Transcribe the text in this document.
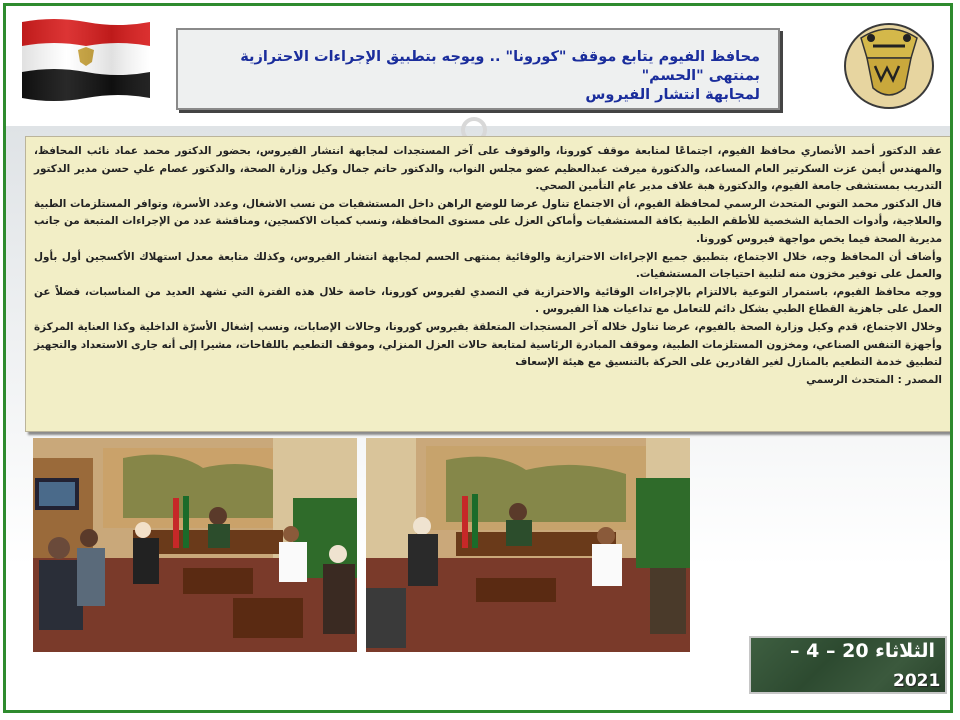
محافظ الفيوم يتابع موقف "كورونا" .. ويوجه بتطبيق الإجراءات الاحترازية بمنتهى "الحسم"

لمجابهة انتشار الفيروس

عقد الدكتور أحمد الأنصاري محافظ الفيوم، اجتماعًا لمتابعة موقف كورونا، والوقوف على آخر المستجدات لمجابهة انتشار الفيروس، بحضور الدكتور محمد عماد نائب المحافظ، والمهندس أيمن عزت السكرتير العام المساعد، والدكتورة ميرفت عبدالعظيم عضو مجلس النواب، والدكتور حاتم جمال وكيل وزارة الصحة، والدكتور عصام علي حسن مدير الدكتور التدريب بمستشفى جامعة الفيوم، والدكتورة هبة علاف مدير عام التأمين الصحي.

قال الدكتور محمد التوني المتحدث الرسمي لمحافظة الفيوم، أن الاجتماع تناول عرضا للوضع الراهن داخل المستشفيات من نسب الاشغال، وعدد الأسرة، وتوافر المستلزمات الطبية والعلاجية، وأدوات الحماية الشخصية للأطقم الطبية بكافة المستشفيات وأماكن العزل على مستوى المحافظة، ونسب كميات الاكسجين، ومناقشة عدد من الإجراءات المتبعة من جانب مديرية الصحة فيما يخص مواجهة فيروس كورونا.

وأضاف أن المحافظ وجه، خلال الاجتماع، بتطبيق جميع الإجراءات الاحترازية والوقائية بمنتهى الحسم لمجابهة انتشار الفيروس، وكذلك متابعة معدل استهلاك الأكسجين أول بأول والعمل على توفير مخزون منه لتلبية احتياجات المستشفيات.

ووجه محافظ الفيوم، باستمرار التوعية بالالتزام بالإجراءات الوقائية والاحترازية في التصدي لفيروس كورونا، خاصة خلال هذه الفترة التي تشهد العديد من المناسبات، فضلاً عن العمل على جاهزية القطاع الطبي بشكل دائم للتعامل مع تداعيات هذا الفيروس .

وخلال الاجتماع، قدم وكيل وزارة الصحة بالفيوم، عرضا تناول خلاله آخر المستجدات المتعلقة بفيروس كورونا، وحالات الإصابات، ونسب إشغال الأسرّة الداخلية وكذا العناية المركزة وأجهزة التنفس الصناعي، ومخزون المستلزمات الطبية، وموقف المبادرة الرئاسية لمتابعة حالات العزل المنزلي، وموقف التطعيم باللقاحات، مشيرا إلى أنه جارى الاستعداد والتجهيز لتطبيق خدمة التطعيم بالمنازل لغير القادرين على الحركة بالتنسيق مع هيئة الإسعاف

المصدر : المتحدث الرسمي

الثلاثاء 20 – 4 –
2021
